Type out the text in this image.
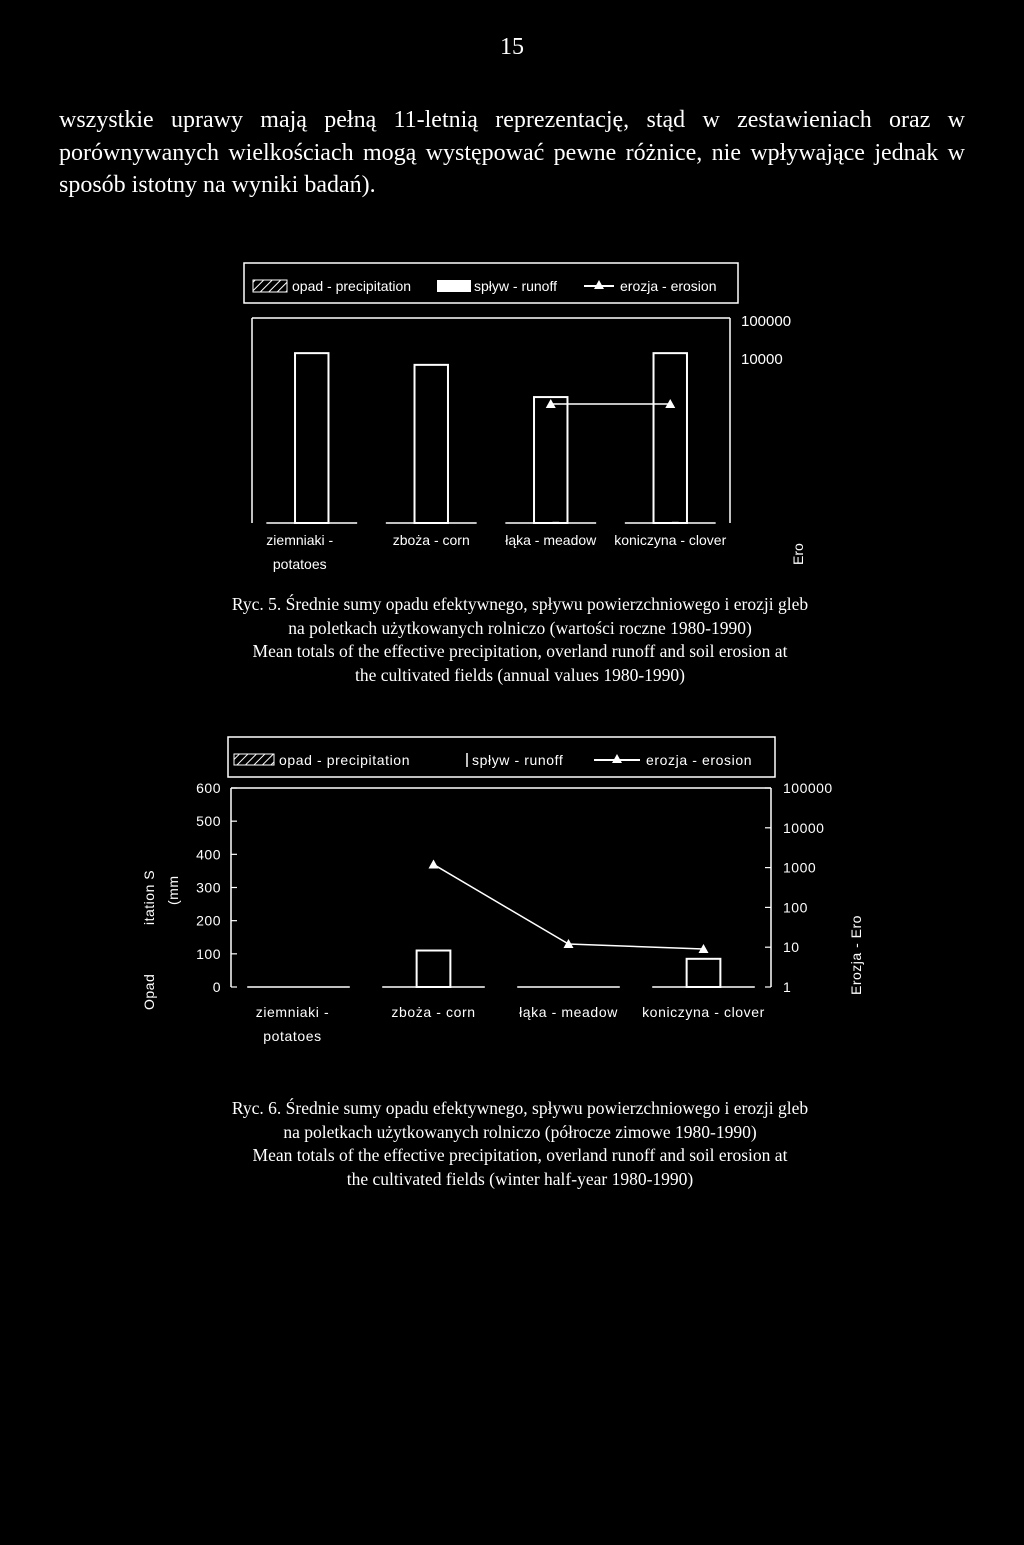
15

wszystkie uprawy mają pełną 11-letnią reprezentację, stąd w zestawieniach oraz w porównywanych wielkościach mogą występować pewne różnice, nie wpływające jednak w sposób istotny na wyniki badań).

opad - precipitation	spływ - runoff	erozja - erosion
ziemniaki -
potatoes
zboża - corn	łąka - meadow koniczyna - clover
100000
10000
Ero

Ryc. 5. Średnie sumy opadu efektywnego, spływu powierzchniowego i erozji gleb

na poletkach użytkowanych rolniczo (wartości roczne 1980-1990)

Mean totals of the effective precipitation, overland runoff and soil erosion at

the cultivated fields (annual values 1980-1990)

opad - precipitation	spływ - runoff	erozja - erosion
ziemniaki -
potatoes
zboża - corn	łąka - meadow koniczyna - clover
0
100
200
300
400
500
600
1
10
100
1000
10000
100000
Opad
itation S (mm
Erozja - Ero

Ryc. 6. Średnie sumy opadu efektywnego, spływu powierzchniowego i erozji gleb

na poletkach użytkowanych rolniczo (półrocze zimowe 1980-1990)

Mean totals of the effective precipitation, overland runoff and soil erosion at

the cultivated fields (winter half-year 1980-1990)
